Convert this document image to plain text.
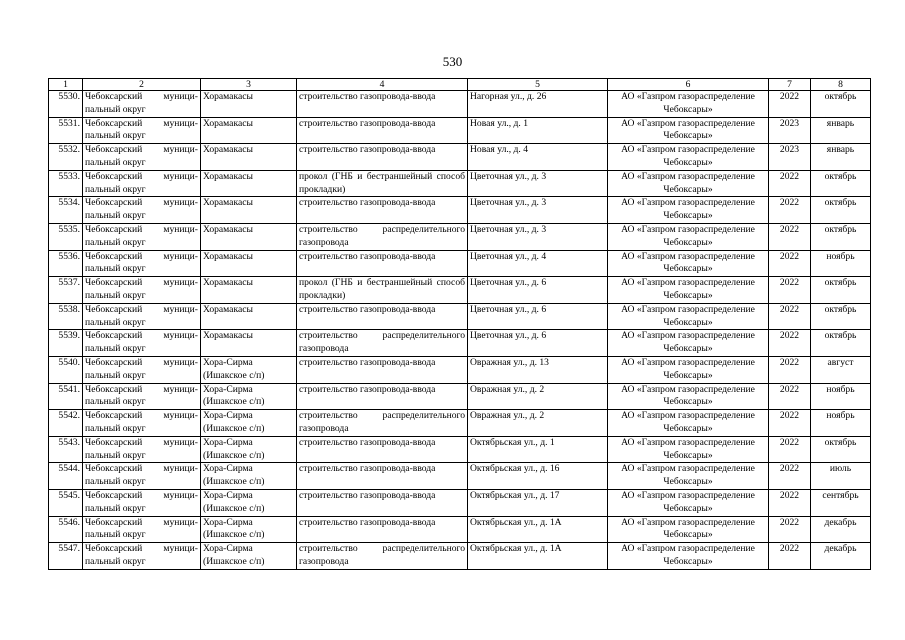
530
1	2	3	4	5	6	7	8
5530.	Чебоксарский муници-пальный округ	Хорамакасы	строительство газопровода-ввода	Нагорная ул., д. 26	АО «Газпром газораспределение Чебоксары»	2022	октябрь
5531.	Чебоксарский муници-пальный округ	Хорамакасы	строительство газопровода-ввода	Новая ул., д. 1	АО «Газпром газораспределение Чебоксары»	2023	январь
5532.	Чебоксарский муници-пальный округ	Хорамакасы	строительство газопровода-ввода	Новая ул., д. 4	АО «Газпром газораспределение Чебоксары»	2023	январь
5533.	Чебоксарский муници-пальный округ	Хорамакасы	прокол (ГНБ и бестраншейный способ прокладки)	Цветочная ул., д. 3	АО «Газпром газораспределение Чебоксары»	2022	октябрь
5534.	Чебоксарский муници-пальный округ	Хорамакасы	строительство газопровода-ввода	Цветочная ул., д. 3	АО «Газпром газораспределение Чебоксары»	2022	октябрь
5535.	Чебоксарский муници-пальный округ	Хорамакасы	строительство распределительного газопровода	Цветочная ул., д. 3	АО «Газпром газораспределение Чебоксары»	2022	октябрь
5536.	Чебоксарский муници-пальный округ	Хорамакасы	строительство газопровода-ввода	Цветочная ул., д. 4	АО «Газпром газораспределение Чебоксары»	2022	ноябрь
5537.	Чебоксарский муници-пальный округ	Хорамакасы	прокол (ГНБ и бестраншейный способ прокладки)	Цветочная ул., д. 6	АО «Газпром газораспределение Чебоксары»	2022	октябрь
5538.	Чебоксарский муници-пальный округ	Хорамакасы	строительство газопровода-ввода	Цветочная ул., д. 6	АО «Газпром газораспределение Чебоксары»	2022	октябрь
5539.	Чебоксарский муници-пальный округ	Хорамакасы	строительство распределительного газопровода	Цветочная ул., д. 6	АО «Газпром газораспределение Чебоксары»	2022	октябрь
5540.	Чебоксарский муници-пальный округ	Хора-Сирма (Ишакское с/п)	строительство газопровода-ввода	Овражная ул., д. 13	АО «Газпром газораспределение Чебоксары»	2022	август
5541.	Чебоксарский муници-пальный округ	Хора-Сирма (Ишакское с/п)	строительство газопровода-ввода	Овражная ул., д. 2	АО «Газпром газораспределение Чебоксары»	2022	ноябрь
5542.	Чебоксарский муници-пальный округ	Хора-Сирма (Ишакское с/п)	строительство распределительного газопровода	Овражная ул., д. 2	АО «Газпром газораспределение Чебоксары»	2022	ноябрь
5543.	Чебоксарский муници-пальный округ	Хора-Сирма (Ишакское с/п)	строительство газопровода-ввода	Октябрьская ул., д. 1	АО «Газпром газораспределение Чебоксары»	2022	октябрь
5544.	Чебоксарский муници-пальный округ	Хора-Сирма (Ишакское с/п)	строительство газопровода-ввода	Октябрьская ул., д. 16	АО «Газпром газораспределение Чебоксары»	2022	июль
5545.	Чебоксарский муници-пальный округ	Хора-Сирма (Ишакское с/п)	строительство газопровода-ввода	Октябрьская ул., д. 17	АО «Газпром газораспределение Чебоксары»	2022	сентябрь
5546.	Чебоксарский муници-пальный округ	Хора-Сирма (Ишакское с/п)	строительство газопровода-ввода	Октябрьская ул., д. 1А	АО «Газпром газораспределение Чебоксары»	2022	декабрь
5547.	Чебоксарский муници-пальный округ	Хора-Сирма (Ишакское с/п)	строительство распределительного газопровода	Октябрьская ул., д. 1А	АО «Газпром газораспределение Чебоксары»	2022	декабрь
